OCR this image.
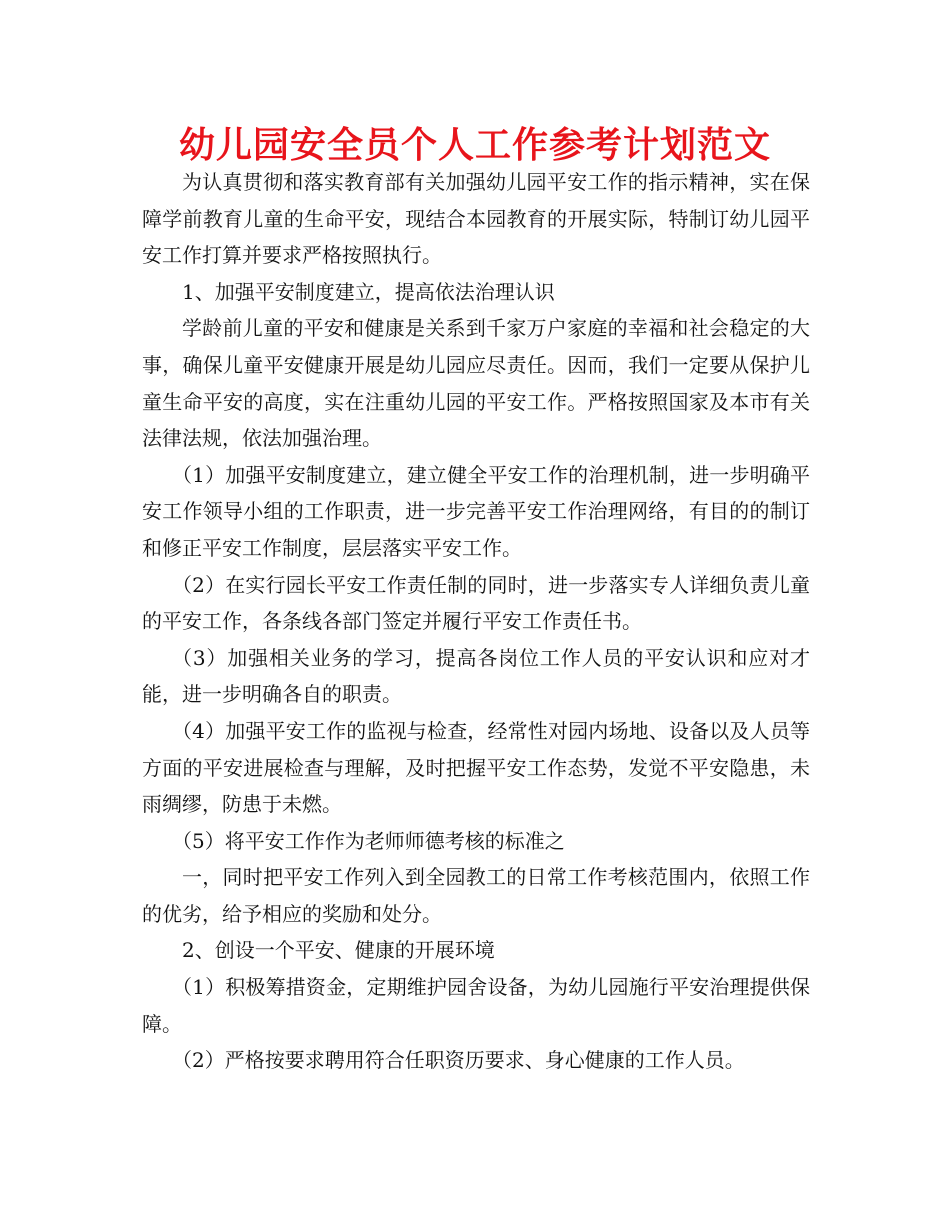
幼儿园安全员个人工作参考计划范文

为认真贯彻和落实教育部有关加强幼儿园平安工作的指示精神，实在保障学前教育儿童的生命平安，现结合本园教育的开展实际，特制订幼儿园平安工作打算并要求严格按照执行。

1、加强平安制度建立，提高依法治理认识

学龄前儿童的平安和健康是关系到千家万户家庭的幸福和社会稳定的大事，确保儿童平安健康开展是幼儿园应尽责任。因而，我们一定要从保护儿童生命平安的高度，实在注重幼儿园的平安工作。严格按照国家及本市有关法律法规，依法加强治理。

（1）加强平安制度建立，建立健全平安工作的治理机制，进一步明确平安工作领导小组的工作职责，进一步完善平安工作治理网络，有目的的制订和修正平安工作制度，层层落实平安工作。

（2）在实行园长平安工作责任制的同时，进一步落实专人详细负责儿童的平安工作，各条线各部门签定并履行平安工作责任书。

（3）加强相关业务的学习，提高各岗位工作人员的平安认识和应对才能，进一步明确各自的职责。

（4）加强平安工作的监视与检查，经常性对园内场地、设备以及人员等方面的平安进展检查与理解，及时把握平安工作态势，发觉不平安隐患，未雨绸缪，防患于未燃。

（5）将平安工作作为老师师德考核的标准之

一，同时把平安工作列入到全园教工的日常工作考核范围内，依照工作的优劣，给予相应的奖励和处分。

2、创设一个平安、健康的开展环境

（1）积极筹措资金，定期维护园舍设备，为幼儿园施行平安治理提供保障。

（2）严格按要求聘用符合任职资历要求、身心健康的工作人员。
